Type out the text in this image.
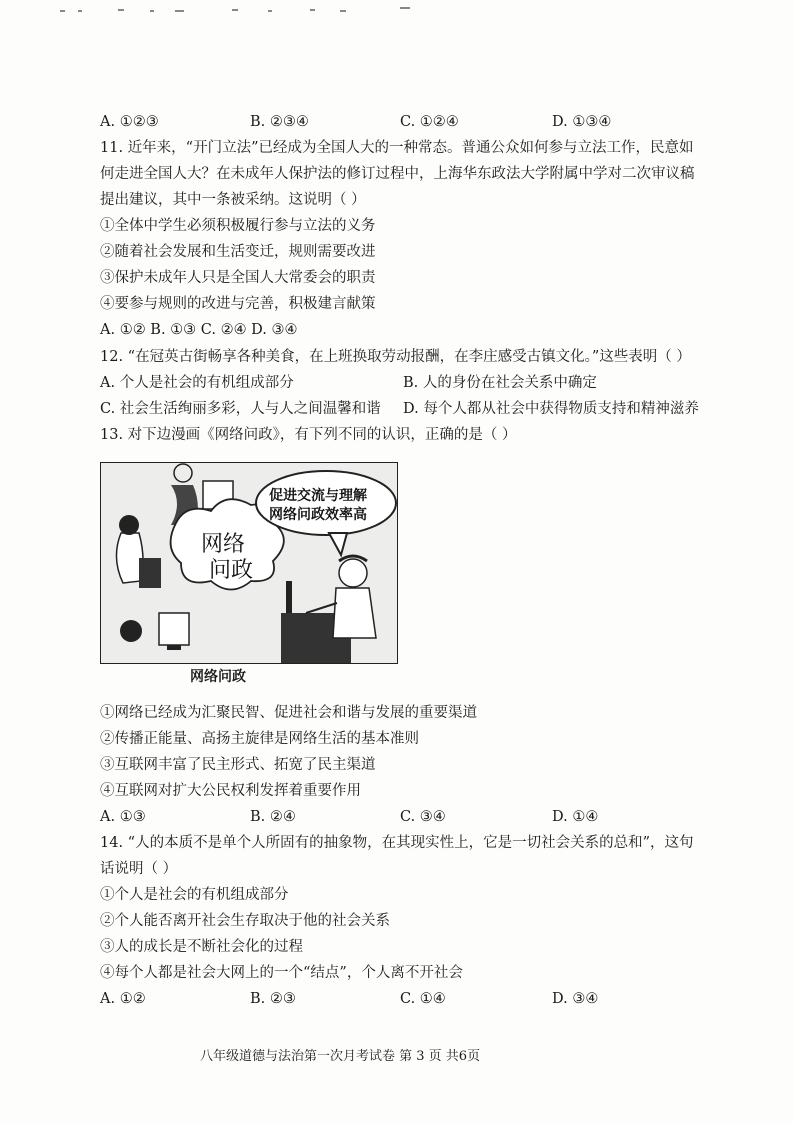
A. ①②③	B. ②③④	C. ①②④	D. ①③④
11. 近年来，“开门立法”已经成为全国人大的一种常态。普通公众如何参与立法工作，民意如
何走进全国人大？在未成年人保护法的修订过程中，上海华东政法大学附属中学对二次审议稿
提出建议，其中一条被采纳。这说明（ ）
①全体中学生必须积极履行参与立法的义务
②随着社会发展和生活变迁，规则需要改进
③保护未成年人只是全国人大常委会的职责
④要参与规则的改进与完善，积极建言献策
A. ①② B. ①③ C. ②④ D. ③④
12. “在冠英古街畅享各种美食，在上班换取劳动报酬，在李庄感受古镇文化。”这些表明（ ）
A. 个人是社会的有机组成部分	B. 人的身份在社会关系中确定
C. 社会生活绚丽多彩，人与人之间温馨和谐 D. 每个人都从社会中获得物质支持和精神滋养
13. 对下边漫画《网络问政》，有下列不同的认识，正确的是（ ）
网络
问政
促进交流与理解
网络问政效率高
网络问政
①网络已经成为汇聚民智、促进社会和谐与发展的重要渠道
②传播正能量、高扬主旋律是网络生活的基本准则
③互联网丰富了民主形式、拓宽了民主渠道
④互联网对扩大公民权利发挥着重要作用
A. ①③	B. ②④	C. ③④	D. ①④
14. “人的本质不是单个人所固有的抽象物，在其现实性上，它是一切社会关系的总和”，这句
话说明（ ）
①个人是社会的有机组成部分
②个人能否离开社会生存取决于他的社会关系
③人的成长是不断社会化的过程
④每个人都是社会大网上的一个“结点”，个人离不开社会
A. ①②	B. ②③	C. ①④	D. ③④
八年级道德与法治第一次月考试卷 第 3 页 共6页
